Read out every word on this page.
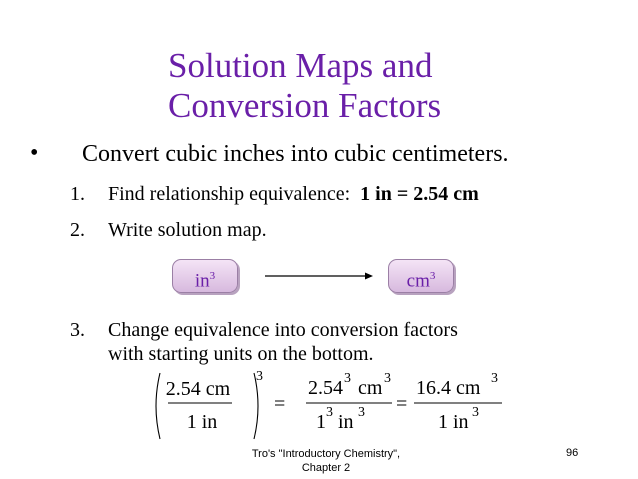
Solution Maps and
Conversion Factors
• Convert cubic inches into cubic centimeters.
1. Find relationship equivalence: 1 in = 2.54 cm
2. Write solution map.
$in^3$	$cm^3$
3. Change equivalence into conversion factors
with starting units on the bottom.
2.54 cm
1 in
3
=
2.54 3 cm 3
1 3 in 3 =
16.4 cm 3
1 in 3
Tro's "Introductory Chemistry",
Chapter 2
96
